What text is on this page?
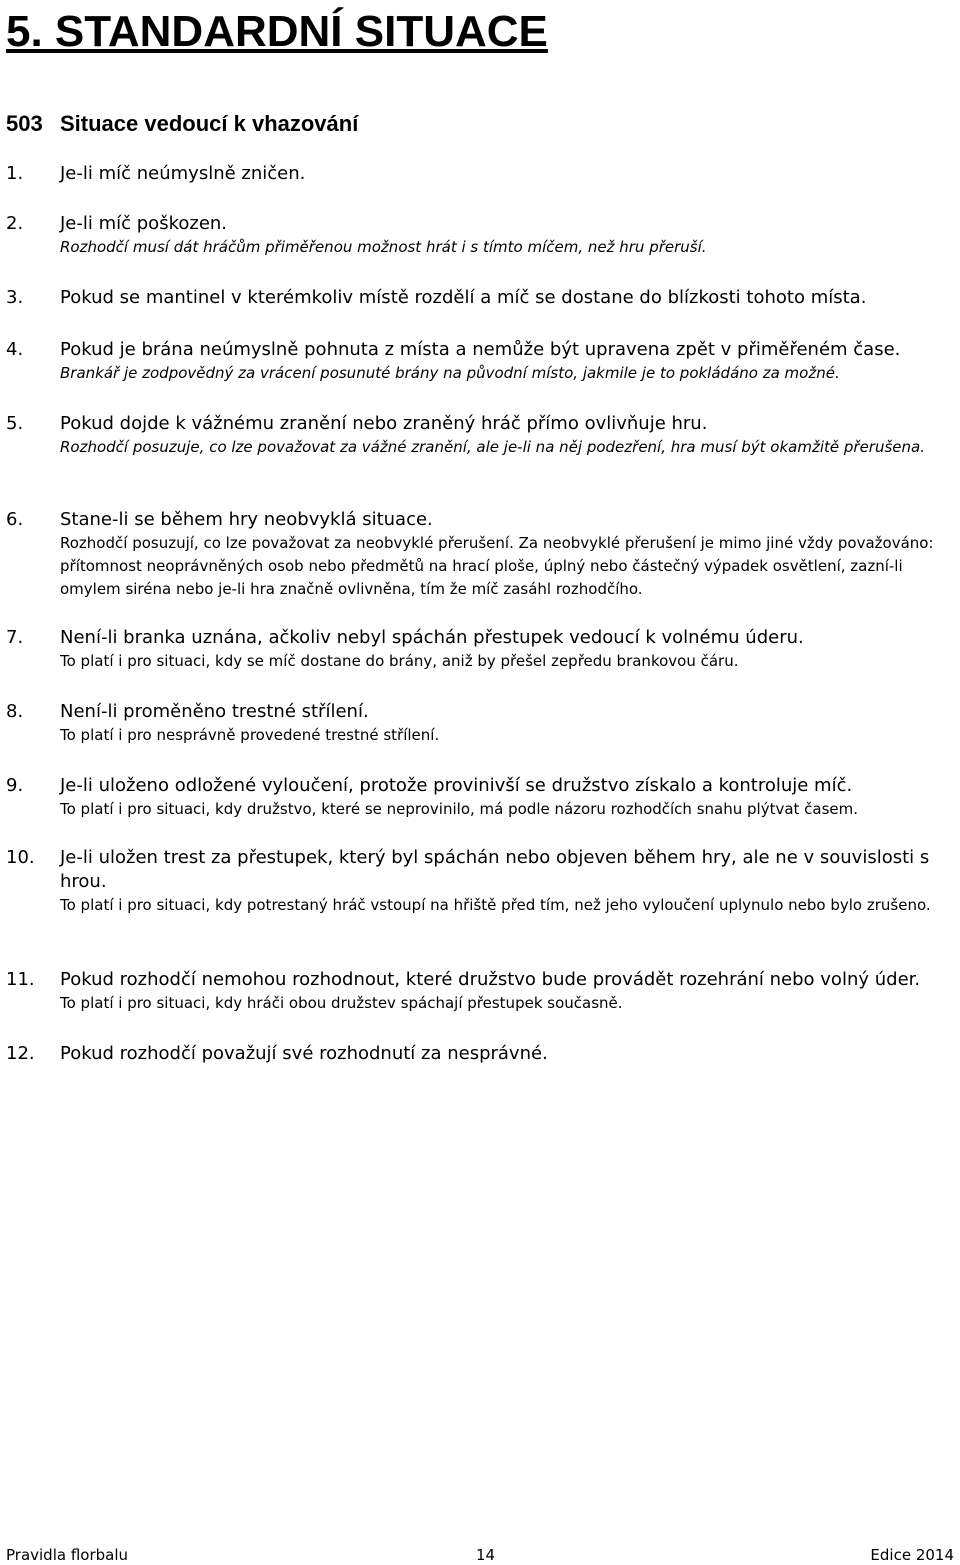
5. STANDARDNÍ SITUACE
503 Situace vedoucí k vhazování
1. Je-li míč neúmyslně zničen.
2. Je-li míč poškozen.
Rozhodčí musí dát hráčům přiměřenou možnost hrát i s tímto míčem, než hru přeruší.
3. Pokud se mantinel v kterémkoliv místě rozdělí a míč se dostane do blízkosti tohoto místa.
4. Pokud je brána neúmyslně pohnuta z místa a nemůže být upravena zpět v přiměřeném čase.
Brankář je zodpovědný za vrácení posunuté brány na původní místo, jakmile je to pokládáno za možné.
5. Pokud dojde k vážnému zranění nebo zraněný hráč přímo ovlivňuje hru.
Rozhodčí posuzuje, co lze považovat za vážné zranění, ale je-li na něj podezření, hra musí být okamžitě přerušena.
6. Stane-li se během hry neobvyklá situace.
Rozhodčí posuzují, co lze považovat za neobvyklé přerušení. Za neobvyklé přerušení je mimo jiné vždy považováno: přítomnost neoprávněných osob nebo předmětů na hrací ploše, úplný nebo částečný výpadek osvětlení, zazní-li omylem siréna nebo je-li hra značně ovlivněna, tím že míč zasáhl rozhodčího.
7. Není-li branka uznána, ačkoliv nebyl spáchán přestupek vedoucí k volnému úderu.
To platí i pro situaci, kdy se míč dostane do brány, aniž by přešel zepředu brankovou čáru.
8. Není-li proměněno trestné střílení.
To platí i pro nesprávně provedené trestné střílení.
9. Je-li uloženo odložené vyloučení, protože provinivší se družstvo získalo a kontroluje míč.
To platí i pro situaci, kdy družstvo, které se neprovinilo, má podle názoru rozhodčích snahu plýtvat časem.
10. Je-li uložen trest za přestupek, který byl spáchán nebo objeven během hry, ale ne v souvislosti s hrou.
To platí i pro situaci, kdy potrestaný hráč vstoupí na hřiště před tím, než jeho vyloučení uplynulo nebo bylo zrušeno.
11. Pokud rozhodčí nemohou rozhodnout, které družstvo bude provádět rozehrání nebo volný úder.
To platí i pro situaci, kdy hráči obou družstev spáchají přestupek současně.
12. Pokud rozhodčí považují své rozhodnutí za nesprávné.
Pravidla florbalu	14	Edice 2014
